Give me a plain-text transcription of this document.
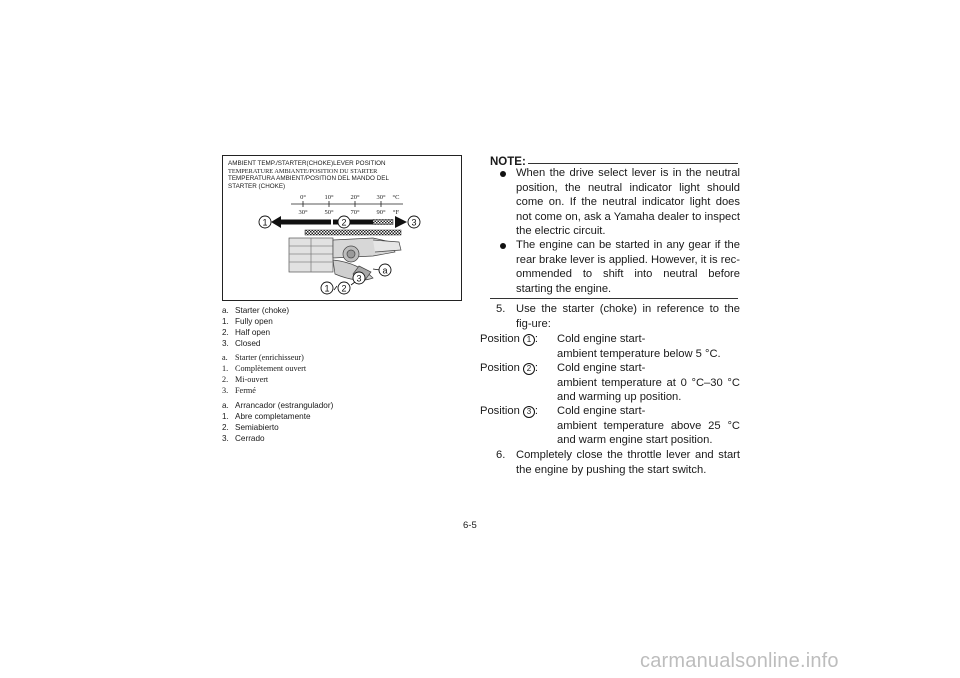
AMBIENT TEMP./STARTER(CHOKE)LEVER POSITION
TEMPERATURE AMBIANTE/POSITION DU STARTER
TEMPERATURA AMBIENT/POSITION DEL MANDO DEL
STARTER (CHOKE)
0°	10°	20°	30° °C
30°	50°	70°	90° °F
1	2	3
a
3
1 2
a. Starter (choke)
1. Fully open
2. Half open
3. Closed
a. Starter (enrichisseur)
1. Complètement ouvert
2. Mi-ouvert
3. Fermé
a. Arrancador (estrangulador)
1. Abre completamente
2. Semiabierto
3. Cerrado
NOTE:
When the drive select lever is in the neutral position, the neutral indicator light should come on. If the neutral indicator light does not come on, ask a Yamaha dealer to inspect the electric circuit.
The engine can be started in any gear if the rear brake lever is applied. However, it is rec-ommended to shift into neutral before starting the engine.
5. Use the starter (choke) in reference to the fig-ure:
Position 1 : Cold engine start-
ambient temperature below 5 °C.
Position 2 : Cold engine start-
ambient temperature at 0 °C–30 °C
and warming up position.
Position 3 : Cold engine start-
ambient temperature above 25 °C
and warm engine start position.
6. Completely close the throttle lever and start the engine by pushing the start switch.
6-5
carmanualsonline.info
